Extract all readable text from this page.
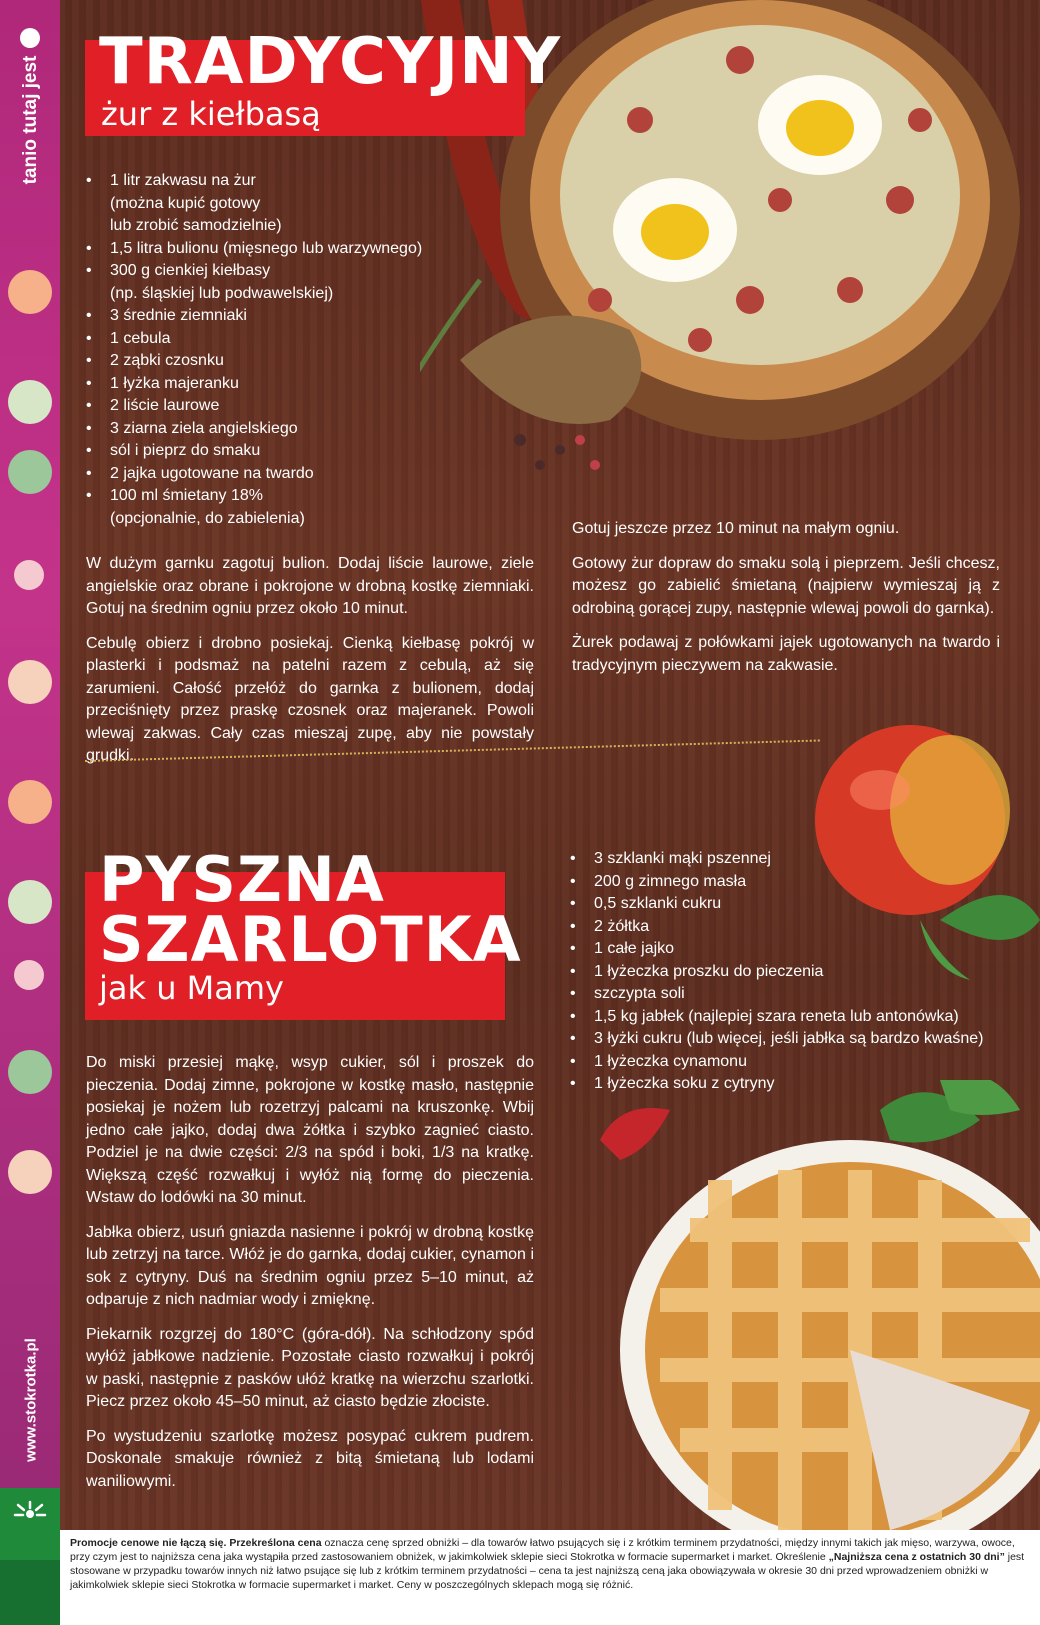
tanio tutaj jest
www.stokrotka.pl
TRADYCYJNY
żur z kiełbasą
• 1 litr zakwasu na żur
(można kupić gotowy
lub zrobić samodzielnie)
• 1,5 litra bulionu (mięsnego lub warzywnego)
• 300 g cienkiej kiełbasy
(np. śląskiej lub podwawelskiej)
• 3 średnie ziemniaki
• 1 cebula
• 2 ząbki czosnku
• 1 łyżka majeranku
• 2 liście laurowe
• 3 ziarna ziela angielskiego
• sól i pieprz do smaku
• 2 jajka ugotowane na twardo
• 100 ml śmietany 18%
(opcjonalnie, do zabielenia)

W dużym garnku zagotuj bulion. Dodaj liście laurowe, ziele angielskie oraz obrane i pokrojone w drobną kostkę ziemniaki. Gotuj na średnim ogniu przez około 10 minut.

Cebulę obierz i drobno posiekaj. Cienką kiełbasę pokrój w plasterki i podsmaż na patelni razem z cebulą, aż się zarumieni. Całość przełóż do garnka z bulionem, dodaj przeciśnięty przez praskę czosnek oraz majeranek. Powoli wlewaj zakwas. Cały czas mieszaj zupę, aby nie powstały grudki.

Gotuj jeszcze przez 10 minut na małym ogniu.

Gotowy żur dopraw do smaku solą i pieprzem. Jeśli chcesz, możesz go zabielić śmietaną (najpierw wymieszaj ją z odrobiną gorącej zupy, następnie wlewaj powoli do garnka).

Żurek podawaj z połówkami jajek ugotowanych na twardo i tradycyjnym pieczywem na zakwasie.

PYSZNA
SZARLOTKA
jak u Mamy
• 3 szklanki mąki pszennej
• 200 g zimnego masła
• 0,5 szklanki cukru
• 2 żółtka
• 1 całe jajko
• 1 łyżeczka proszku do pieczenia
• szczypta soli
• 1,5 kg jabłek (najlepiej szara reneta lub antonówka)
• 3 łyżki cukru (lub więcej, jeśli jabłka są bardzo kwaśne)
• 1 łyżeczka cynamonu
• 1 łyżeczka soku z cytryny

Do miski przesiej mąkę, wsyp cukier, sól i proszek do pieczenia. Dodaj zimne, pokrojone w kostkę masło, następnie posiekaj je nożem lub rozetrzyj palcami na kruszonkę. Wbij jedno całe jajko, dodaj dwa żółtka i szybko zagnieć ciasto. Podziel je na dwie części: 2/3 na spód i boki, 1/3 na kratkę. Większą część rozwałkuj i wyłóż nią formę do pieczenia. Wstaw do lodówki na 30 minut.

Jabłka obierz, usuń gniazda nasienne i pokrój w drobną kostkę lub zetrzyj na tarce. Włóż je do garnka, dodaj cukier, cynamon i sok z cytryny. Duś na średnim ogniu przez 5–10 minut, aż odparuje z nich nadmiar wody i zmięknę.

Piekarnik rozgrzej do 180°C (góra-dół). Na schłodzony spód wyłóż jabłkowe nadzienie. Pozostałe ciasto rozwałkuj i pokrój w paski, następnie z pasków ułóż kratkę na wierzchu szarlotki. Piecz przez około 45–50 minut, aż ciasto będzie złociste.

Po wystudzeniu szarlotkę możesz posypać cukrem pudrem. Doskonale smakuje również z bitą śmietaną lub lodami waniliowymi.

Promocje cenowe nie łączą się. Przekreślona cena oznacza cenę sprzed obniżki – dla towarów łatwo psujących się i z krótkim terminem przydatności, między innymi takich jak mięso, warzywa, owoce, przy czym jest to najniższa cena jaka wystąpiła przed zastosowaniem obniżek, w jakimkolwiek sklepie sieci Stokrotka w formacie supermarket i market. Określenie „Najniższa cena z ostatnich 30 dni” jest stosowane w przypadku towarów innych niż łatwo psujące się lub z krótkim terminem przydatności – cena ta jest najniższą ceną jaka obowiązywała w okresie 30 dni przed wprowadzeniem obniżki w jakimkolwiek sklepie sieci Stokrotka w formacie supermarket i market. Ceny w poszczególnych sklepach mogą się różnić.
